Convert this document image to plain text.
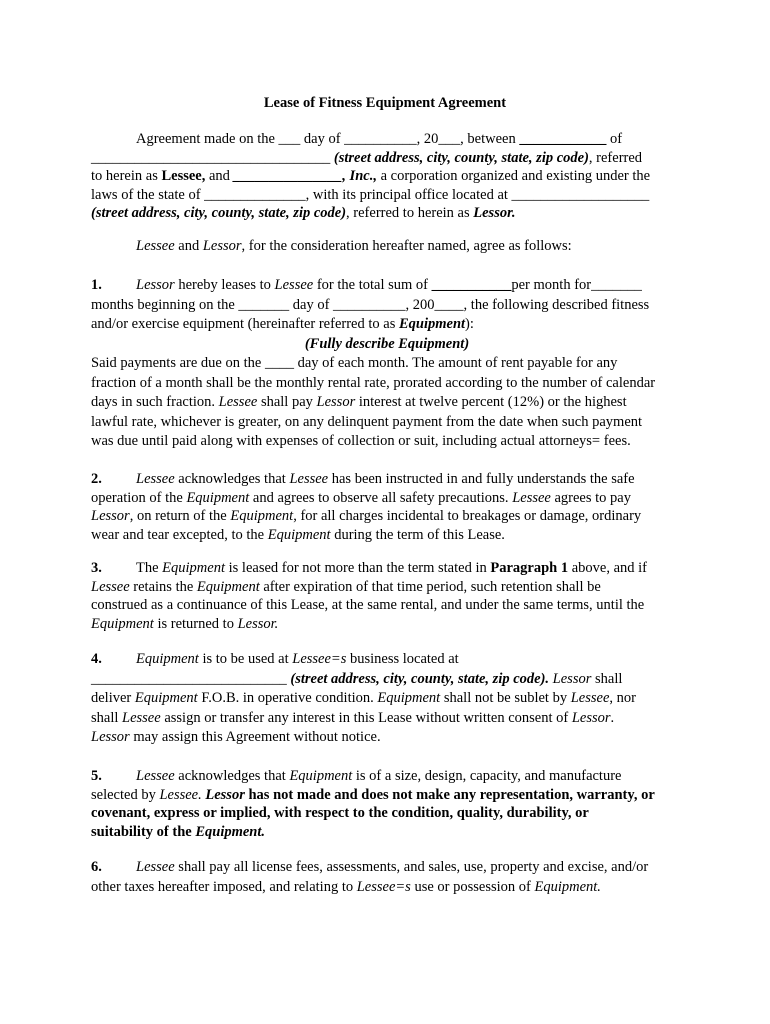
Lease of Fitness Equipment Agreement
Agreement made on the ___ day of __________, 20___, between ____________ of
_________________________________ (street address, city, county, state, zip code), referred
to herein as Lessee, and _______________, Inc., a corporation organized and existing under the
laws of the state of ______________, with its principal office located at ___________________
(street address, city, county, state, zip code), referred to herein as Lessor.
Lessee and Lessor, for the consideration hereafter named, agree as follows:
1. Lessor hereby leases to Lessee for the total sum of ___________per month for_______
months beginning on the _______ day of __________, 200____, the following described fitness
and/or exercise equipment (hereinafter referred to as Equipment):
(Fully describe Equipment)
Said payments are due on the ____ day of each month. The amount of rent payable for any
fraction of a month shall be the monthly rental rate, prorated according to the number of calendar
days in such fraction. Lessee shall pay Lessor interest at twelve percent (12%) or the highest
lawful rate, whichever is greater, on any delinquent payment from the date when such payment
was due until paid along with expenses of collection or suit, including actual attorneys= fees.
2. Lessee acknowledges that Lessee has been instructed in and fully understands the safe
operation of the Equipment and agrees to observe all safety precautions. Lessee agrees to pay
Lessor, on return of the Equipment, for all charges incidental to breakages or damage, ordinary
wear and tear excepted, to the Equipment during the term of this Lease.
3. The Equipment is leased for not more than the term stated in Paragraph 1 above, and if
Lessee retains the Equipment after expiration of that time period, such retention shall be
construed as a continuance of this Lease, at the same rental, and under the same terms, until the
Equipment is returned to Lessor.
4. Equipment is to be used at Lessee=s business located at
___________________________ (street address, city, county, state, zip code). Lessor shall
deliver Equipment F.O.B. in operative condition. Equipment shall not be sublet by Lessee, nor
shall Lessee assign or transfer any interest in this Lease without written consent of Lessor.
Lessor may assign this Agreement without notice.
5. Lessee acknowledges that Equipment is of a size, design, capacity, and manufacture
selected by Lessee. Lessor has not made and does not make any representation, warranty, or
covenant, express or implied, with respect to the condition, quality, durability, or
suitability of the Equipment.
6. Lessee shall pay all license fees, assessments, and sales, use, property and excise, and/or
other taxes hereafter imposed, and relating to Lessee=s use or possession of Equipment.
